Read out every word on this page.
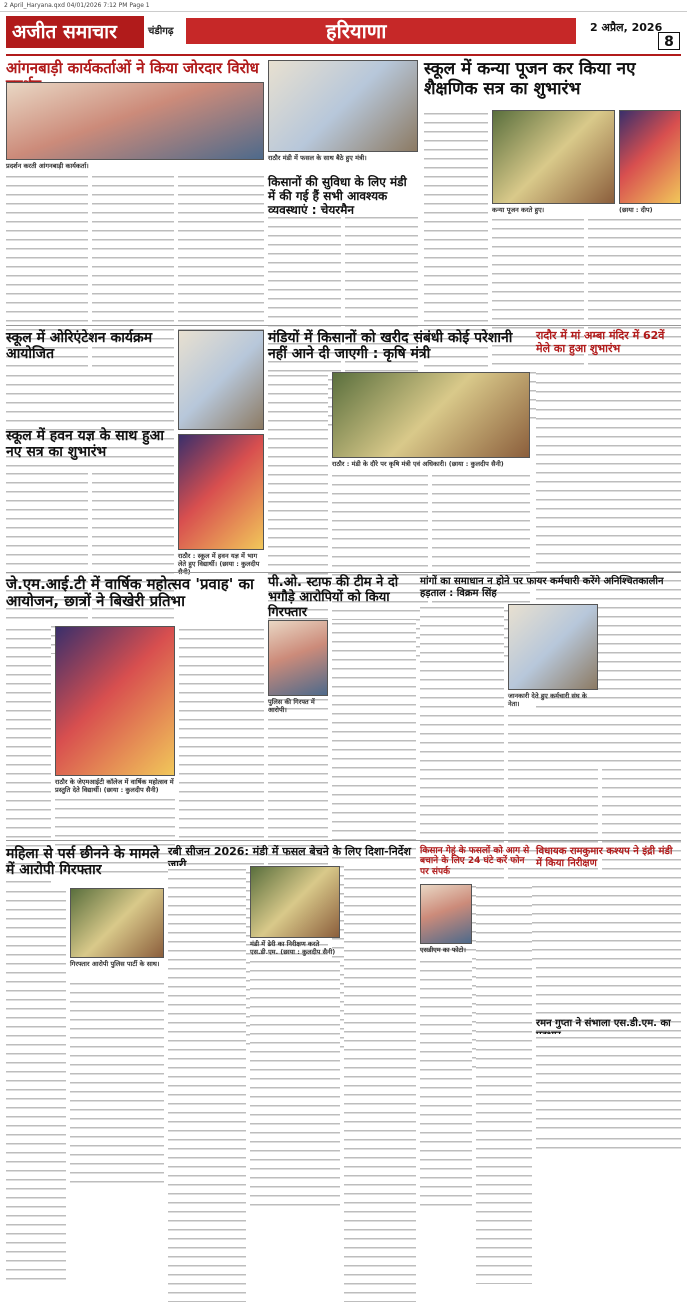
2 April_Haryana.qxd 04/01/2026 7:12 PM Page 1
अजीत समाचार	चंडीगढ़	हरियाणा	2 अप्रैल, 2026
8
आंगनबाड़ी कार्यकर्ताओं ने किया जोरदार विरोध
प्रदर्शन करती आंगनबाड़ी कार्यकर्ता।
राठौर मंडी में फसल के साथ बैठे हुए मंत्री।
किसानों की सुविधा के लिए मंडी में की गई हैं सभी आवश्यक व्यवस्थाएं : चेयरमैन
स्कूल में कन्या पूजन कर किया नए शैक्षणिक सत्र का शुभारंभ
कन्या पूजन करते हुए।	(छाया : दीप)
स्कूल में ओरिएंटेशन कार्यक्रम आयोजित
स्कूल में हवन यज्ञ के साथ हुआ नए सत्र का शुभारंभ
राठौर : स्कूल में हवन यज्ञ में भाग लेते हुए विद्यार्थी। (छाया : कुलदीप सैनी)
मंडियों में किसानों को खरीद संबंधी कोई परेशानी नहीं आने दी जाएगी : कृषि मंत्री
राठौर : मंडी के दौरे पर कृषि मंत्री एवं अधिकारी। (छाया : कुलदीप सैनी)
रादौर में मां अम्बा मंदिर में 62वें मेले का हुआ शुभारंभ
जे.एम.आई.टी में वार्षिक महोत्सव 'प्रवाह' का आयोजन, छात्रों ने बिखेरी प्रतिभा
राठौर के जेएमआईटी कॉलेज में वार्षिक महोत्सव में प्रस्तुति देते विद्यार्थी। (छाया : कुलदीप सैनी)
पी.ओ. स्टाफ की टीम ने दो भगौड़े आरोपियों को किया गिरफ्तार
पुलिस की गिरफ्त में आरोपी।
मांगों का समाधान न होने पर फायर कर्मचारी करेंगे अनिश्चितकालीन हड़ताल : विक्रम सिंह
जानकारी देते हुए कर्मचारी संघ के नेता।
महिला से पर्स छीनने के मामले में आरोपी गिरफ्तार
गिरफ्तार आरोपी पुलिस पार्टी के साथ।
रबी सीजन 2026: मंडी में फसल बेचने के लिए दिशा-निर्देश जारी
मंडी में ढेरी का निरीक्षण करते एस.डी.एम. (छाया : कुलदीप सैनी)
किसान गेहूं के फसलों को आग से बचाने के लिए 24 घंटे करें फोन पर संपर्क
एसडीएम का फोटो।
विधायक रामकुमार कश्यप ने इंद्री मंडी में किया निरीक्षण
रमन गुप्ता ने संभाला एस.डी.एम. का पदभार
